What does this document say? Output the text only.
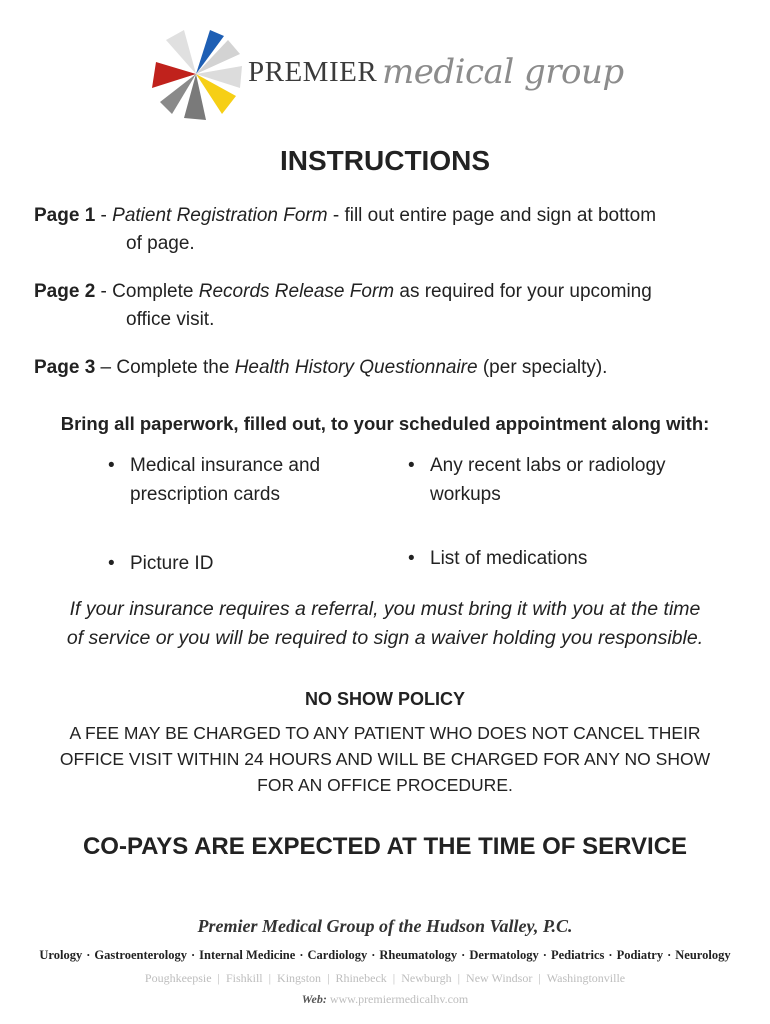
PREMIER medical group
INSTRUCTIONS
Page 1 - Patient Registration Form - fill out entire page and sign at bottom
of page.
Page 2 - Complete Records Release Form as required for your upcoming
office visit.
Page 3 – Complete the Health History Questionnaire (per specialty).
Bring all paperwork, filled out, to your scheduled appointment along with:
• Medical insurance and
prescription cards
• Any recent labs or radiology
workups
• Picture ID	• List of medications
If your insurance requires a referral, you must bring it with you at the time
of service or you will be required to sign a waiver holding you responsible.
NO SHOW POLICY
A FEE MAY BE CHARGED TO ANY PATIENT WHO DOES NOT CANCEL THEIR
OFFICE VISIT WITHIN 24 HOURS AND WILL BE CHARGED FOR ANY NO SHOW
FOR AN OFFICE PROCEDURE.
CO-PAYS ARE EXPECTED AT THE TIME OF SERVICE
Premier Medical Group of the Hudson Valley, P.C.
Urology · Gastroenterology · Internal Medicine · Cardiology · Rheumatology · Dermatology · Pediatrics · Podiatry · Neurology
Poughkeepsie | Fishkill | Kingston | Rhinebeck | Newburgh | New Windsor | Washingtonville
Web: www.premiermedicalhv.com
